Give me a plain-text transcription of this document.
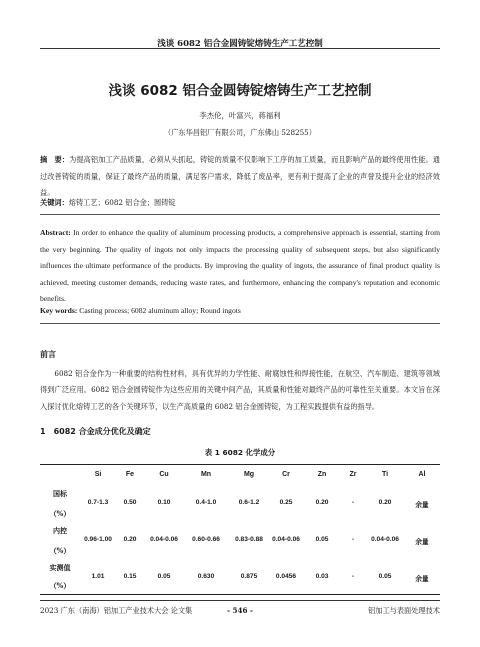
浅谈 6082 铝合金圆铸锭熔铸生产工艺控制
浅谈 6082 铝合金圆铸锭熔铸生产工艺控制
李杰伦，叶富兴，蒋福利
（广东华昌铝厂有限公司，广东佛山 528255）
摘　要：为提高铝加工产品质量，必须从头抓起，铸锭的质量不仅影响下工序的加工质量，而且影响产品的最终使用性能。通过改善铸锭的质量，保证了最终产品的质量，满足客户需求，降低了废品率，更有利于提高了企业的声誉及提升企业的经济效益。
关键词：熔铸工艺；6082 铝合金；圆铸锭
Abstract: In order to enhance the quality of aluminum processing products, a comprehensive approach is essential, starting from the very beginning. The quality of ingots not only impacts the processing quality of subsequent steps, but also significantly influences the ultimate performance of the products. By improving the quality of ingots, the assurance of final product quality is achieved, meeting customer demands, reducing waste rates, and furthermore, enhancing the company's reputation and economic benefits.
Key words: Casting process; 6082 aluminum alloy; Round ingots
前言
6082 铝合金作为一种重要的结构性材料，具有优异的力学性能、耐腐蚀性和焊接性能，在航空、汽车制造、建筑等领域得到广泛应用。6082 铝合金圆铸锭作为这些应用的关键中间产品，其质量和性能对最终产品的可靠性至关重要。本文旨在深入探讨优化熔铸工艺的各个关键环节，以生产高质量的 6082 铝合金圆铸锭，为工程实践提供有益的指导。
1　6082 合金成分优化及确定
表 1 6082 化学成分
Si	Fe	Cu	Mn	Mg	Cr	Zn	Zr	Ti	Al
国标
（%）
0.7-1.3	0.50	0.10	0.4-1.0	0.6-1.2	0.25	0.20	-	0.20	余量
内控
（%）
0.96-1.00	0.20	0.04-0.06	0.60-0.66	0.83-0.88	0.04-0.06	0.05	-	0.04-0.06	余量
实测值
（%）
1.01	0.15	0.05	0.630	0.875	0.0456	0.03	-	0.05	余量
2023 广东（南海）铝加工产业技术大会 论文集	- 546 -	铝加工与表面处理技术
